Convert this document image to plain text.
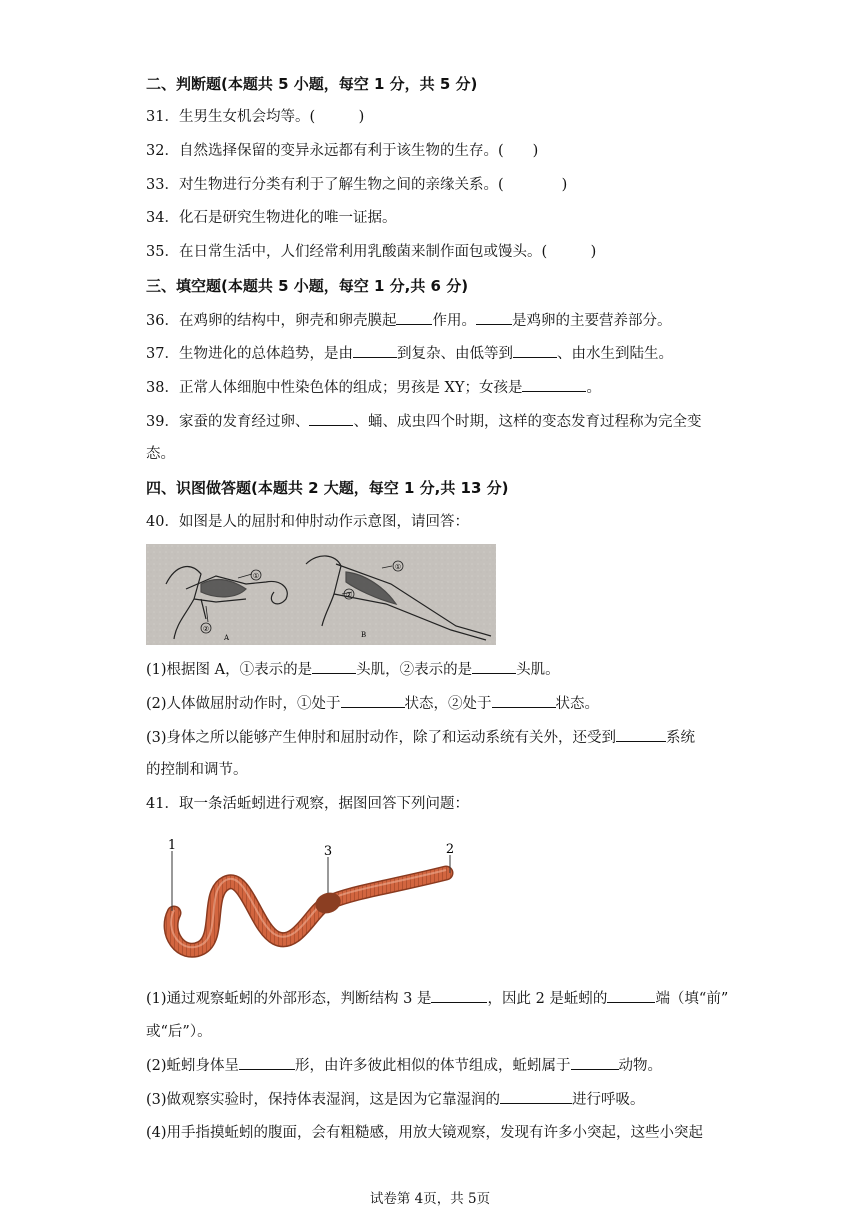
二、判断题(本题共 5 小题，每空 1 分，共 5 分)
31．生男生女机会均等。(　　　)
32．自然选择保留的变异永远都有利于该生物的生存。(　　)
33．对生物进行分类有利于了解生物之间的亲缘关系。(　　　　)
34．化石是研究生物进化的唯一证据。
35．在日常生活中，人们经常利用乳酸菌来制作面包或馒头。(　　　)
三、填空题(本题共 5 小题，每空 1 分,共 6 分)
36．在鸡卵的结构中，卵壳和卵壳膜起 作用。 是鸡卵的主要营养部分。
37．生物进化的总体趋势，是由	到复杂、由低等到	、由水生到陆生。
38．正常人体细胞中性染色体的组成；男孩是 XY；女孩是	。
39．家蚕的发育经过卵、	、蛹、成虫四个时期，这样的变态发育过程称为完全变
态。
四、识图做答题(本题共 2 大题，每空 1 分,共 13 分)
40．如图是人的屈肘和伸肘动作示意图，请回答：
①
②
A
①
②
B
(1)根据图 A，①表示的是	头肌，②表示的是	头肌。
(2)人体做屈肘动作时，①处于	状态，②处于	状态。
(3)身体之所以能够产生伸肘和屈肘动作，除了和运动系统有关外，还受到	系统
的控制和调节。
41．取一条活蚯蚓进行观察，据图回答下列问题：
1	3	2
(1)通过观察蚯蚓的外部形态，判断结构 3 是	，因此 2 是蚯蚓的	端（填“前”
或“后”）。
(2)蚯蚓身体呈	形，由许多彼此相似的体节组成，蚯蚓属于	动物。
(3)做观察实验时，保持体表湿润，这是因为它靠湿润的	进行呼吸。
(4)用手指摸蚯蚓的腹面，会有粗糙感，用放大镜观察，发现有许多小突起，这些小突起
试卷第 4页，共 5页
